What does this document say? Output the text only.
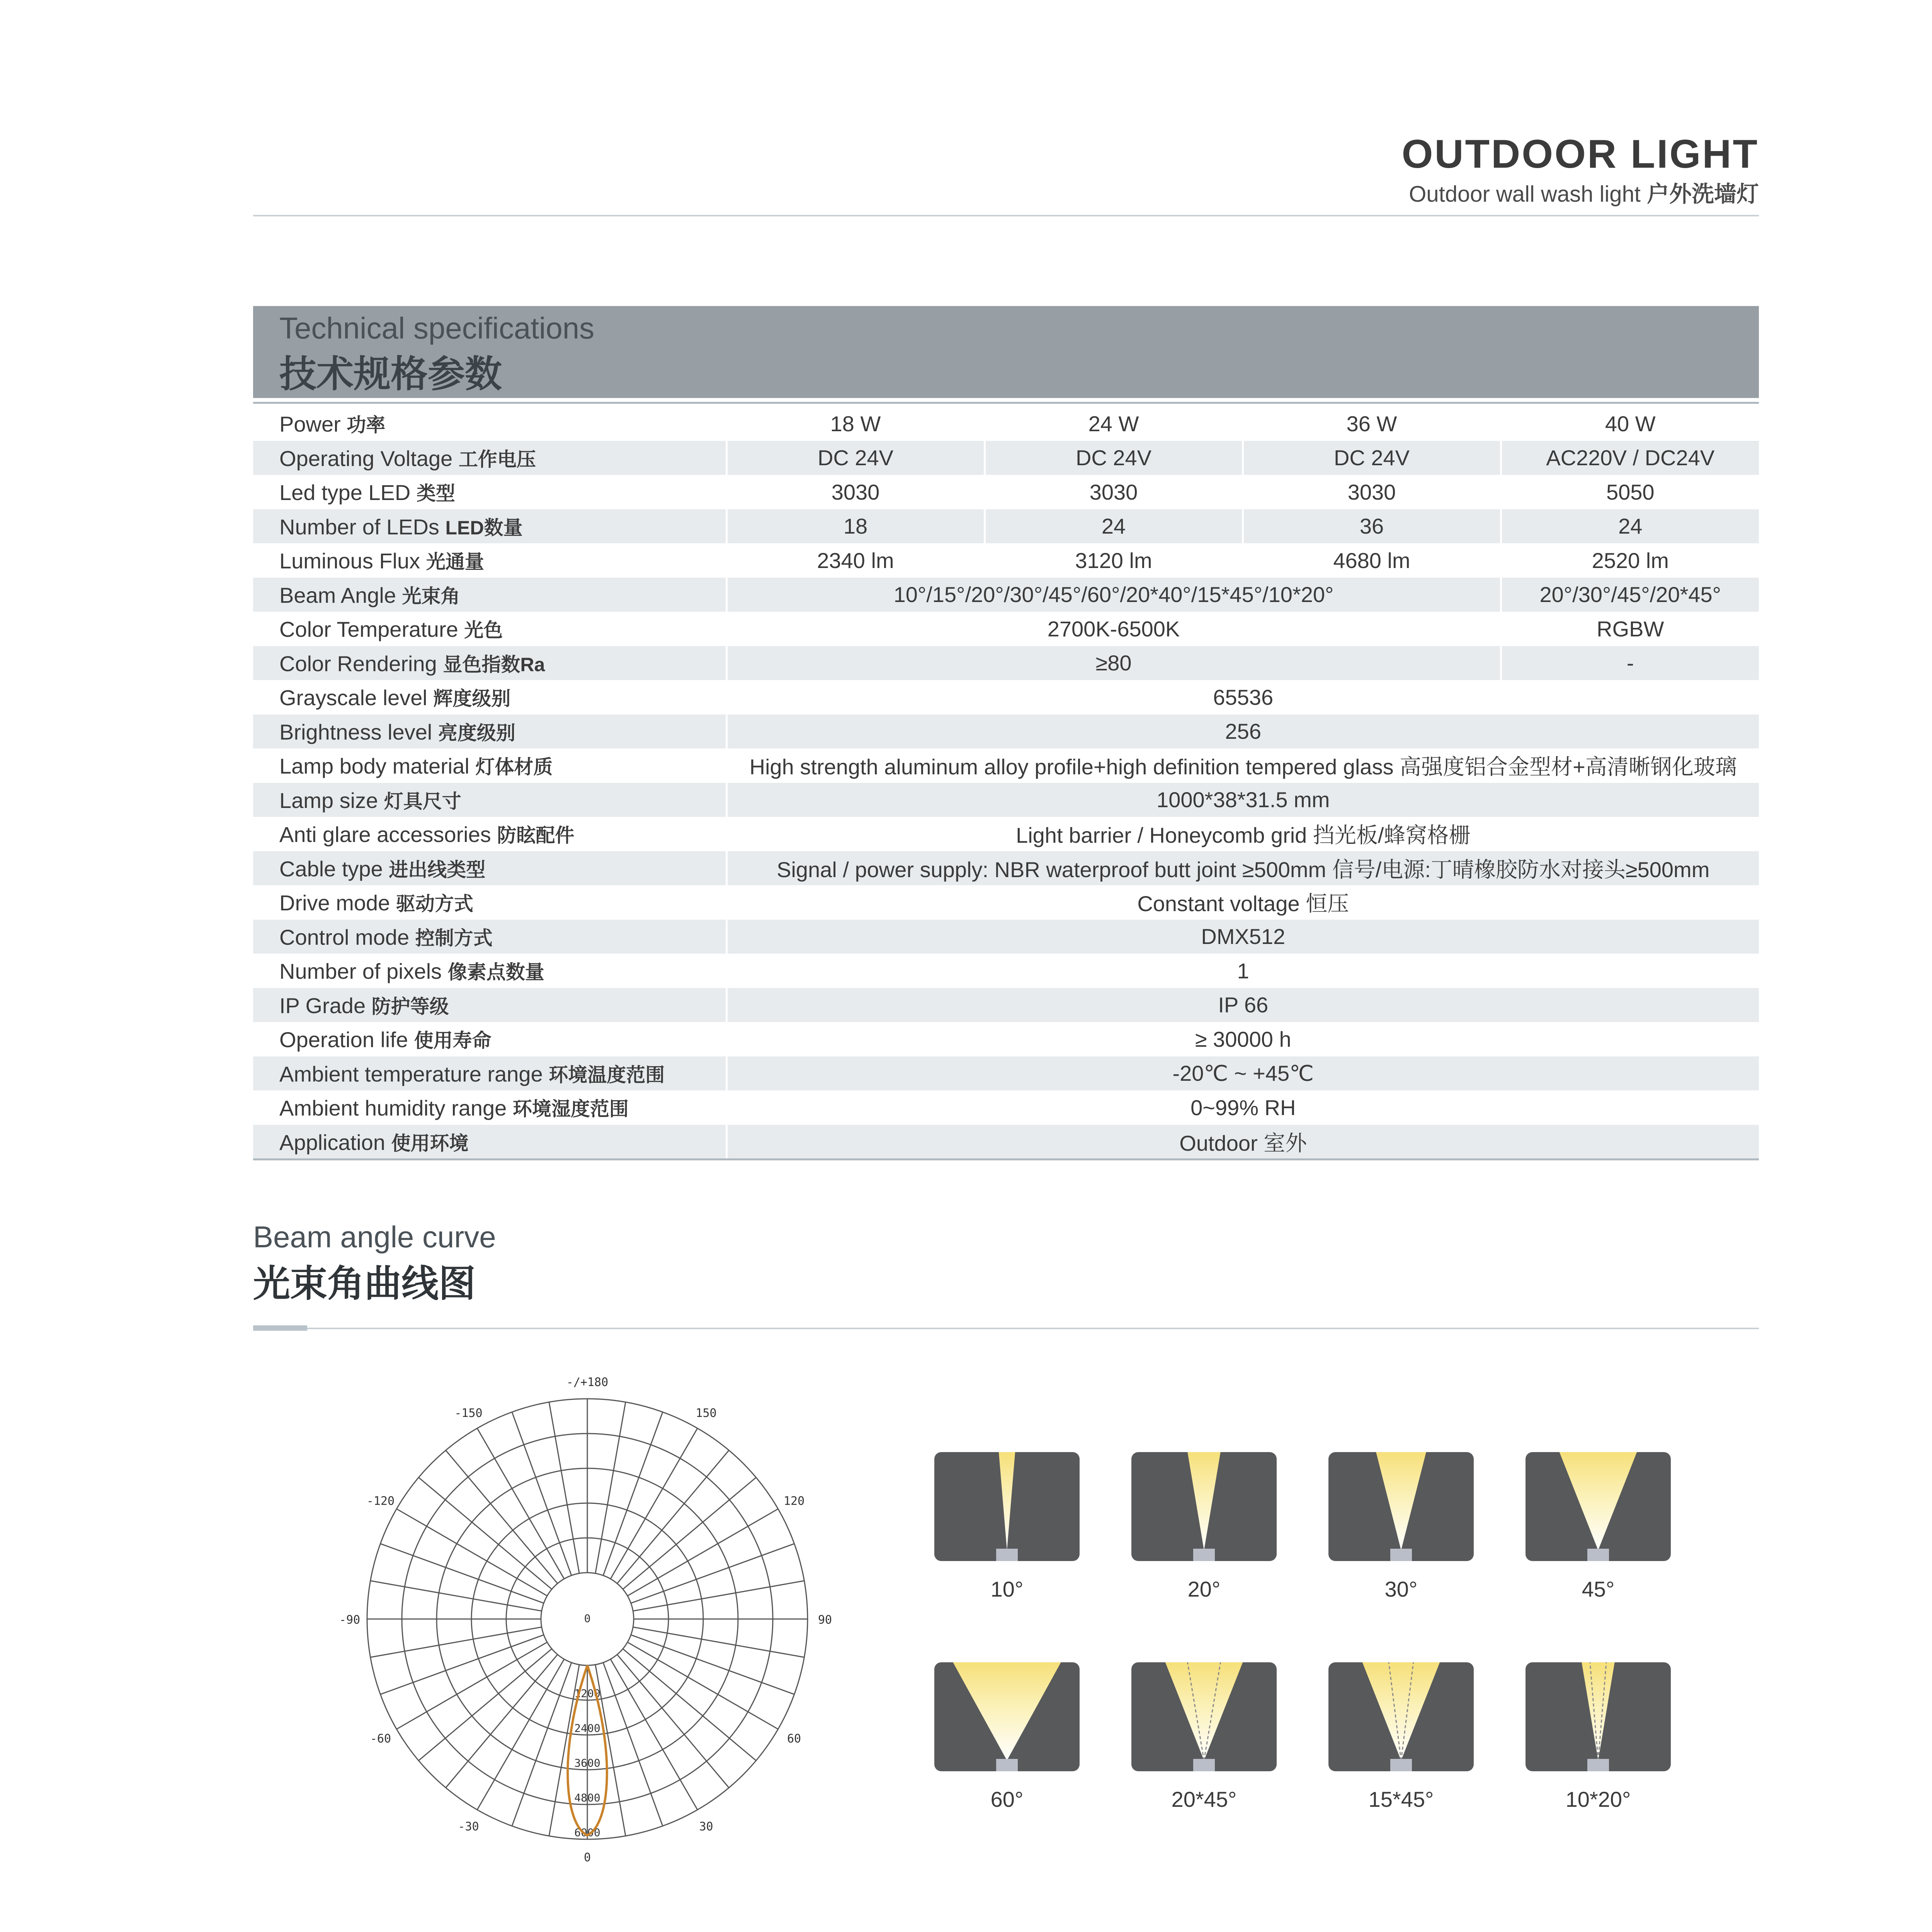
OUTDOOR LIGHT
Outdoor wall wash light 户外洗墙灯
Technical specifications
技术规格参数
Power 功率	18 W	24 W	36 W	40 W
Operating Voltage 工作电压	DC 24V	DC 24V	DC 24V	AC220V / DC24V
Led type LED 类型	3030	3030	3030	5050
Number of LEDs LED数量	18	24	36	24
Luminous Flux 光通量	2340 lm	3120 lm	4680 lm	2520 lm
Beam Angle 光束角	10°/15°/20°/30°/45°/60°/20*40°/15*45°/10*20°			20°/30°/45°/20*45°
Color Temperature 光色	2700K-6500K			RGBW
Color Rendering 显色指数Ra	≥80			-
Grayscale level 辉度级别	65536			
Brightness level 亮度级别	256			
Lamp body material 灯体材质	High strength aluminum alloy profile+high definition tempered glass 高强度铝合金型材+高清晰钢化玻璃			
Lamp size 灯具尺寸	1000*38*31.5 mm			
Anti glare accessories 防眩配件	Light barrier / Honeycomb grid 挡光板/蜂窝格栅			
Cable type 进出线类型	Signal / power supply: NBR waterproof butt joint ≥500mm 信号/电源:丁晴橡胶防水对接头≥500mm			
Drive mode 驱动方式	Constant voltage 恒压			
Control mode 控制方式	DMX512			
Number of pixels 像素点数量	1			
IP Grade 防护等级	IP 66			
Operation life 使用寿命	≥ 30000 h			
Ambient temperature range 环境温度范围	-20℃ ~ +45℃			
Ambient humidity range 环境湿度范围	0~99% RH			
Application 使用环境	Outdoor 室外			
Beam angle curve
光束角曲线图
-/+180
-150	150
-120	120
-90	90
-60	60
-30	30
0
0
1200
2400
3600
4800
6000
10°	20°	30°	45°
60°	20*45°	15*45°	10*20°
